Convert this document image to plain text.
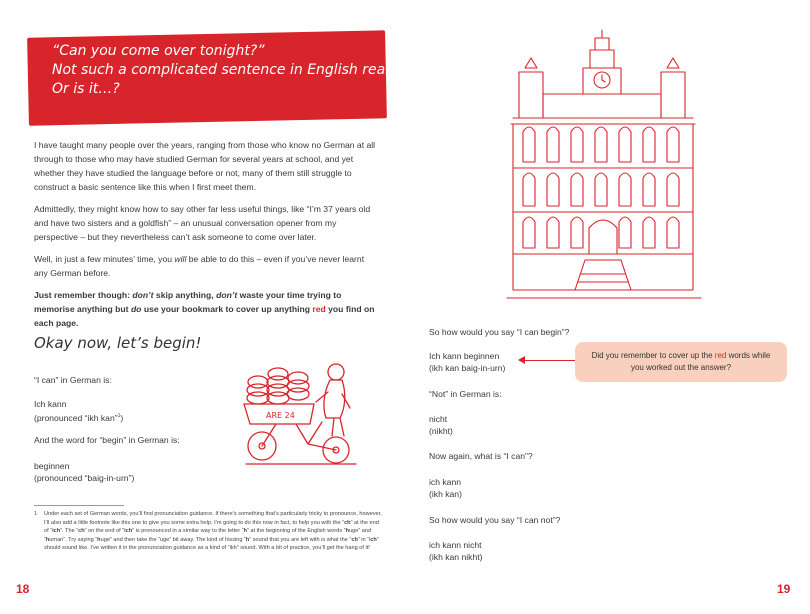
“Can you come over tonight?”
Not such a complicated sentence in English really, is it?
Or is it…?

I have taught many people over the years, ranging from those who know no German at all through to those who may have studied German for several years at school, and yet whether they have studied the language before or not, many of them still struggle to construct a basic sentence like this when I first meet them.

Admittedly, they might know how to say other far less useful things, like “I’m 37 years old and have two sisters and a goldfish” – an unusual conversation opener from my perspective – but they nevertheless can’t ask someone to come over later.

Well, in just a few minutes’ time, you will be able to do this – even if you’ve never learnt any German before.

Just remember though: don’t skip anything, don’t waste your time trying to memorise anything but do use your bookmark to cover up anything red you find on each page.

Okay now, let’s begin!
“I can” in German is:
Ich kann
(pronounced “ikh kan”$^1$)
And the word for “begin” in German is:
beginnen
(pronounced “baig-in-urn”)
ARE 24
1 Under each set of German words, you’ll find pronunciation guidance. If there’s something that’s particularly tricky to pronounce, however, I’ll also add a little footnote like this one to give you some extra help. I’m going to do this now in fact, to help you with the “ch” at the end of “ich”. The “ch” on the end of “ich” is pronounced in a similar way to the letter “h” at the beginning of the English words “huge” and “human”. Try saying “huge” and then take the “uge” bit away. The kind of hissing “h” sound that you are left with is what the “ch” in “ich” should sound like. I’ve written it in the pronunciation guidance as a kind of “ikh” sound. With a bit of practice, you’ll get the hang of it!
18
So how would you say “I can begin”?
Ich kann beginnen
(ikh kan baig-in-urn)
“Not” in German is:
nicht
(nikht)
Now again, what is “I can”?
ich kann
(ikh kan)
So how would you say “I can not”?
ich kann nicht
(ikh kan nikht)
19
Did you remember to cover up the red words while you worked out the answer?
